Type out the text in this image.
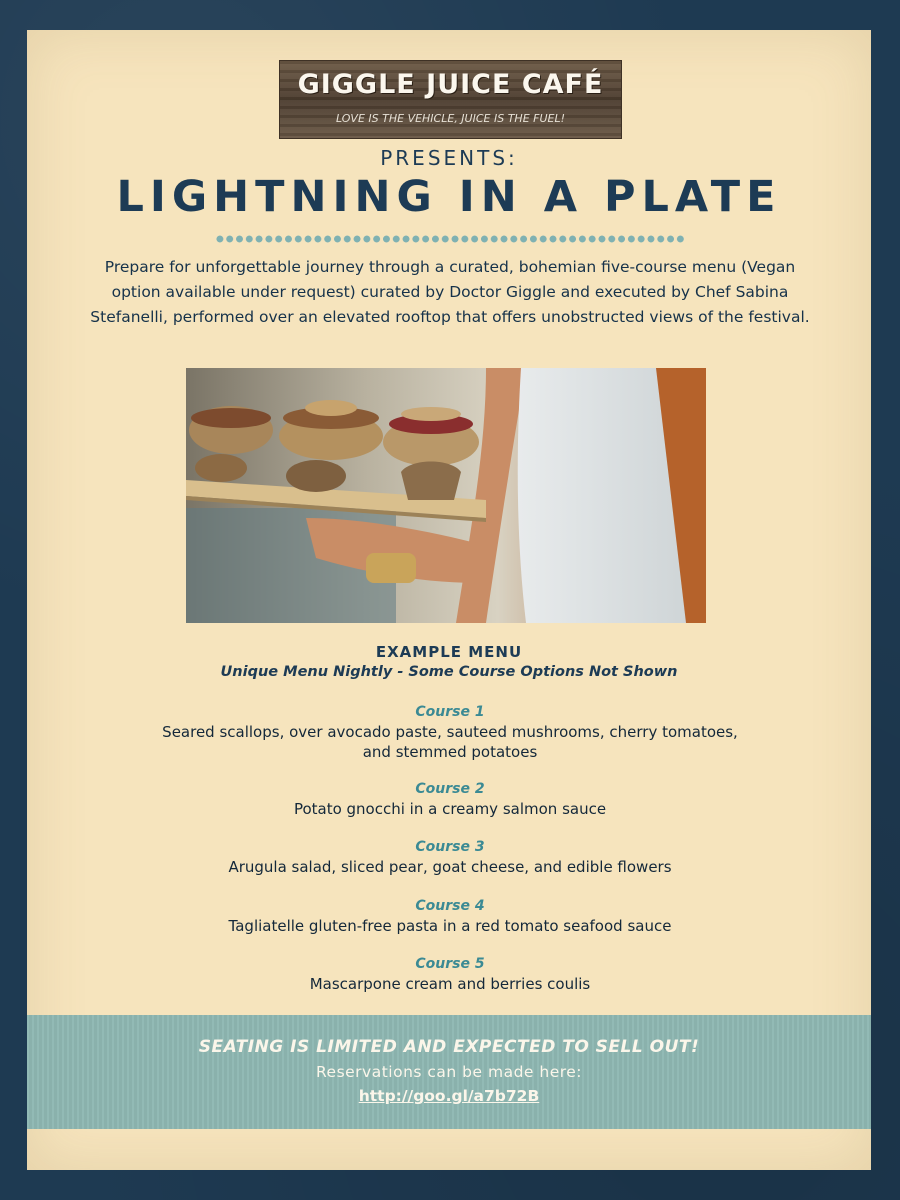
GIGGLE JUICE CAFÉ
LOVE IS THE VEHICLE, JUICE IS THE FUEL!
PRESENTS:
LIGHTNING IN A PLATE
Prepare for unforgettable journey through a curated, bohemian five-course menu (Vegan option available under request) curated by Doctor Giggle and executed by Chef Sabina Stefanelli, performed over an elevated rooftop that offers unobstructed views of the festival.
EXAMPLE MENU
Unique Menu Nightly - Some Course Options Not Shown
Course 1
Seared scallops, over avocado paste, sauteed mushrooms, cherry tomatoes, and stemmed potatoes
Course 2
Potato gnocchi in a creamy salmon sauce
Course 3
Arugula salad, sliced pear, goat cheese, and edible flowers
Course 4
Tagliatelle gluten-free pasta in a red tomato seafood sauce
Course 5
Mascarpone cream and berries coulis
SEATING IS LIMITED AND EXPECTED TO SELL OUT!
Reservations can be made here:
http://goo.gl/a7b72B
